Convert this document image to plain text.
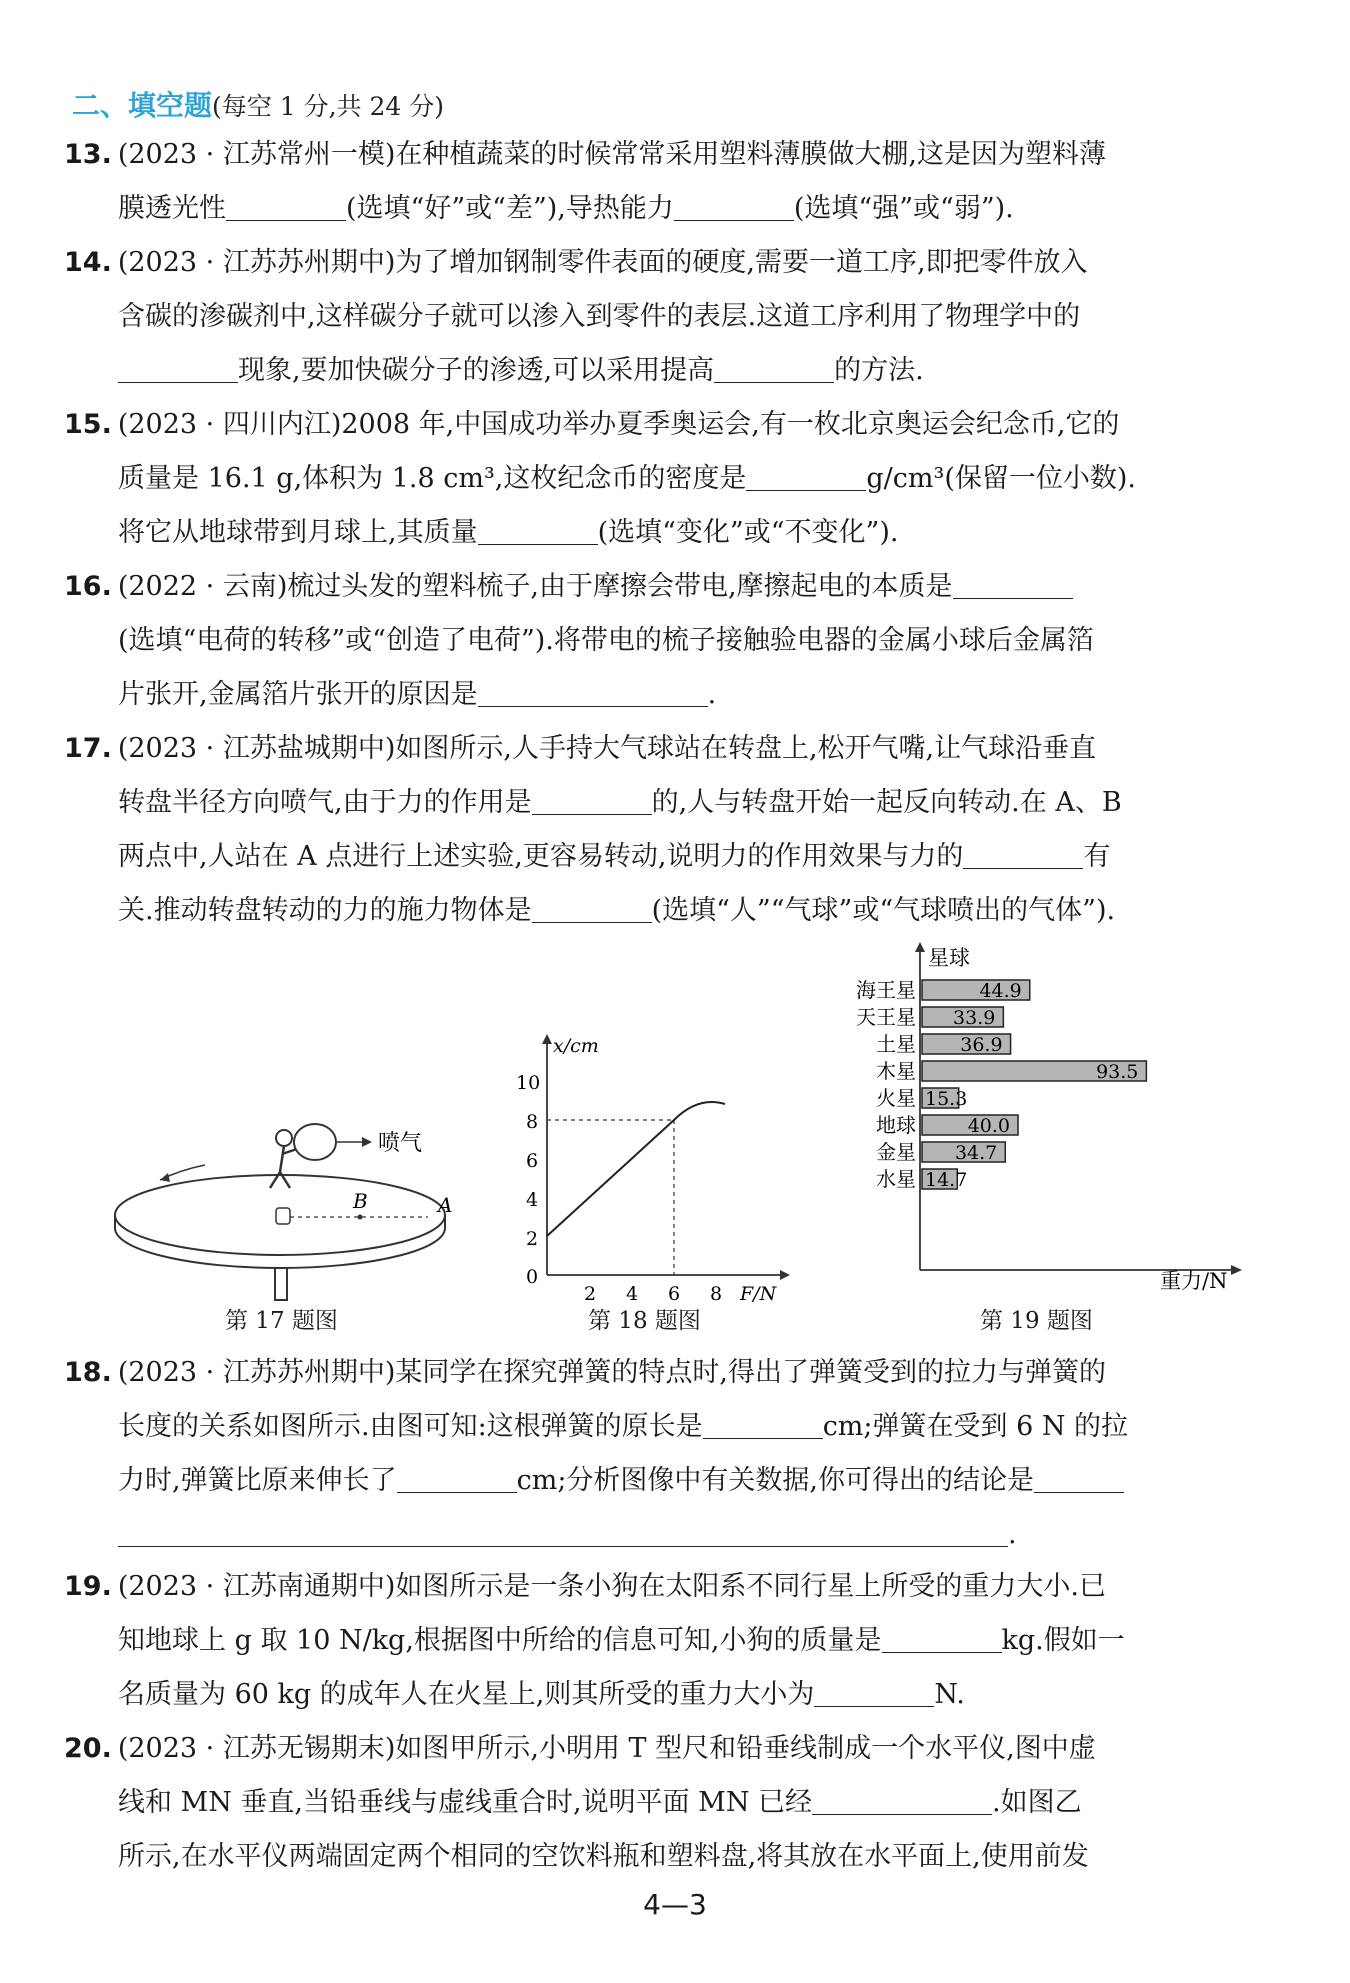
二、填空题(每空 1 分,共 24 分)
13. (2023 · 江苏常州一模)在种植蔬菜的时候常常采用塑料薄膜做大棚,这是因为塑料薄
膜透光性	(选填“好”或“差”),导热能力	(选填“强”或“弱”).
14. (2023 · 江苏苏州期中)为了增加钢制零件表面的硬度,需要一道工序,即把零件放入
含碳的渗碳剂中,这样碳分子就可以渗入到零件的表层.这道工序利用了物理学中的
现象,要加快碳分子的渗透,可以采用提高	的方法.
15. (2023 · 四川内江)2008 年,中国成功举办夏季奥运会,有一枚北京奥运会纪念币,它的
质量是 16.1 g,体积为 1.8 cm³,这枚纪念币的密度是	g/cm³(保留一位小数).
将它从地球带到月球上,其质量	(选填“变化”或“不变化”).
16. (2022 · 云南)梳过头发的塑料梳子,由于摩擦会带电,摩擦起电的本质是
(选填“电荷的转移”或“创造了电荷”).将带电的梳子接触验电器的金属小球后金属箔
片张开,金属箔片张开的原因是	.
17. (2023 · 江苏盐城期中)如图所示,人手持大气球站在转盘上,松开气嘴,让气球沿垂直
转盘半径方向喷气,由于力的作用是	的,人与转盘开始一起反向转动.在 A、B
两点中,人站在 A 点进行上述实验,更容易转动,说明力的作用效果与力的	有
关.推动转盘转动的力的施力物体是	(选填“人”“气球”或“气球喷出的气体”).
B	A
喷气
第 17 题图
x/cm
F/N
0
2
4
6
8
10
2 4 6 8
第 18 题图
星球
重力/N
海王星	44.9
天王星 33.9
土星 36.9
木星	93.5
火星 15.3
地球	40.0
金星 34.7
水星 14.7
第 19 题图
18. (2023 · 江苏苏州期中)某同学在探究弹簧的特点时,得出了弹簧受到的拉力与弹簧的
长度的关系如图所示.由图可知:这根弹簧的原长是	cm;弹簧在受到 6 N 的拉
力时,弹簧比原来伸长了	cm;分析图像中有关数据,你可得出的结论是
.
19. (2023 · 江苏南通期中)如图所示是一条小狗在太阳系不同行星上所受的重力大小.已
知地球上 g 取 10 N/kg,根据图中所给的信息可知,小狗的质量是	kg.假如一
名质量为 60 kg 的成年人在火星上,则其所受的重力大小为	N.
20. (2023 · 江苏无锡期末)如图甲所示,小明用 T 型尺和铅垂线制成一个水平仪,图中虚
线和 MN 垂直,当铅垂线与虚线重合时,说明平面 MN 已经	.如图乙
所示,在水平仪两端固定两个相同的空饮料瓶和塑料盘,将其放在水平面上,使用前发
4—3
